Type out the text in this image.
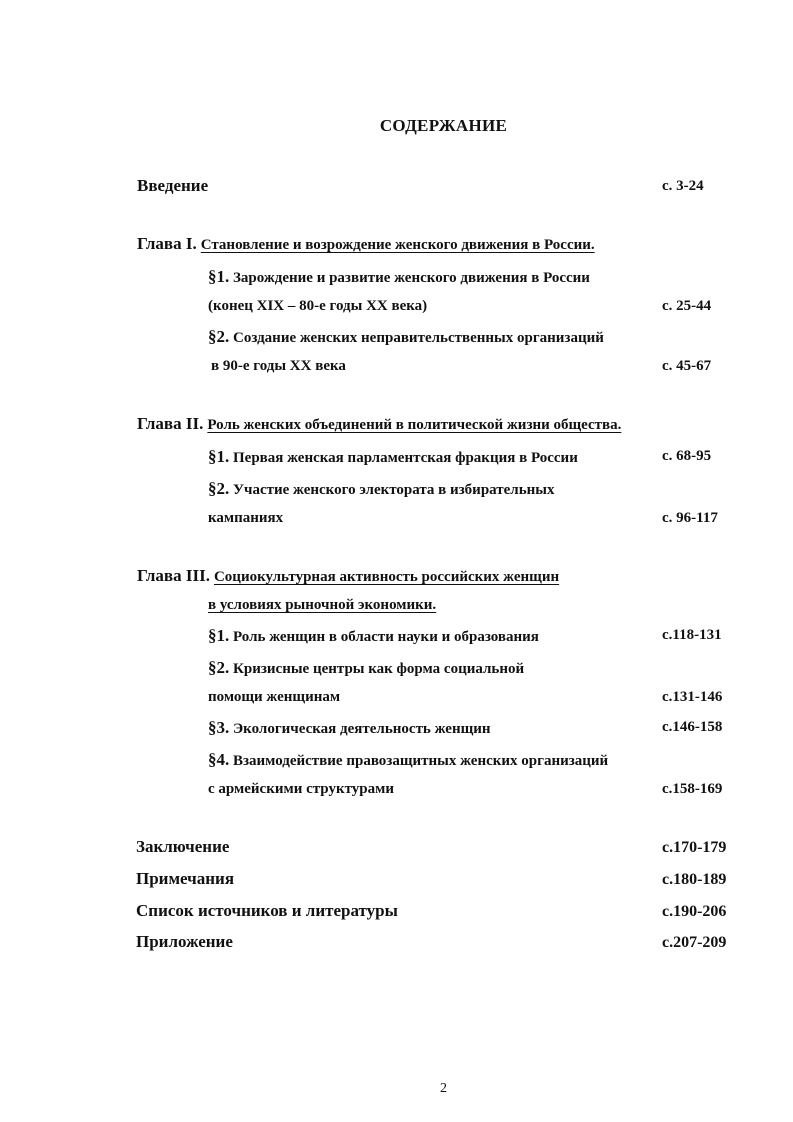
СОДЕРЖАНИЕ
Введение	с. 3-24
Глава I. Становление и возрождение женского движения в России.
§1. Зарождение и развитие женского движения в России
(конец XIX – 80-е годы XX века)	с. 25-44
§2. Создание женских неправительственных организаций
в 90-е годы XX века	с. 45-67
Глава II. Роль женских объединений в политической жизни общества.
§1. Первая женская парламентская фракция в России	с. 68-95
§2. Участие женского электората в избирательных
кампаниях	с. 96-117
Глава III. Социокультурная активность российских женщин
в условиях рыночной экономики.
§1. Роль женщин в области науки и образования	с.118-131
§2. Кризисные центры как форма социальной
помощи женщинам	с.131-146
§3. Экологическая деятельность женщин	с.146-158
§4. Взаимодействие правозащитных женских организаций
с армейскими структурами	с.158-169
Заключение	с.170-179
Примечания	с.180-189
Список источников и литературы	с.190-206
Приложение	с.207-209
2
